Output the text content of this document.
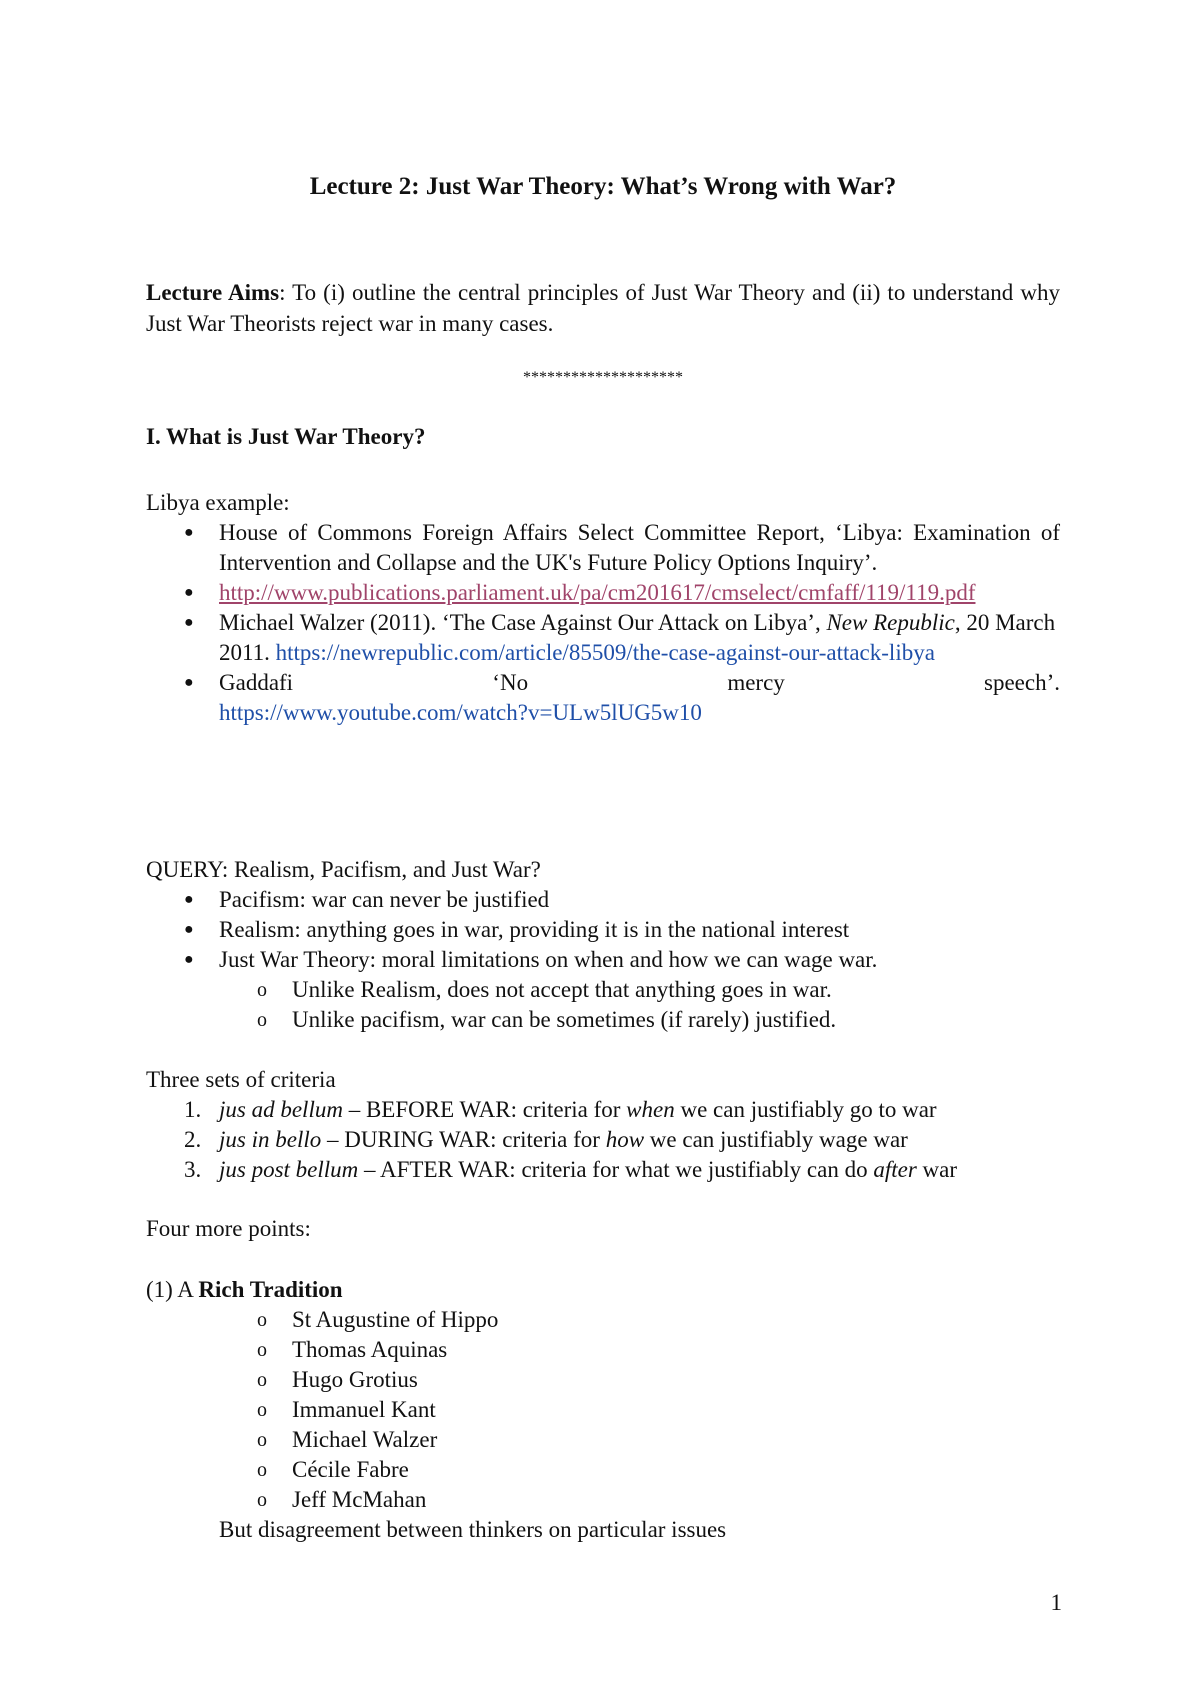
Lecture 2: Just War Theory: What’s Wrong with War?
Lecture Aims: To (i) outline the central principles of Just War Theory and (ii) to understand why Just War Theorists reject war in many cases.
********************
I. What is Just War Theory?
Libya example:
● House of Commons Foreign Affairs Select Committee Report, ‘Libya: Examination of Intervention and Collapse and the UK's Future Policy Options Inquiry’.
● http://www.publications.parliament.uk/pa/cm201617/cmselect/cmfaff/119/119.pdf
● Michael Walzer (2011). ‘The Case Against Our Attack on Libya’, New Republic, 20 March 2011. https://newrepublic.com/article/85509/the-case-against-our-attack-libya
● Gaddafi ‘No mercy speech’.
https://www.youtube.com/watch?v=ULw5lUG5w10
QUERY: Realism, Pacifism, and Just War?
● Pacifism: war can never be justified
● Realism: anything goes in war, providing it is in the national interest
● Just War Theory: moral limitations on when and how we can wage war.
o Unlike Realism, does not accept that anything goes in war.
o Unlike pacifism, war can be sometimes (if rarely) justified.
Three sets of criteria
1. jus ad bellum – BEFORE WAR: criteria for when we can justifiably go to war
2. jus in bello – DURING WAR: criteria for how we can justifiably wage war
3. jus post bellum – AFTER WAR: criteria for what we justifiably can do after war
Four more points:
(1) A Rich Tradition
o St Augustine of Hippo
o Thomas Aquinas
o Hugo Grotius
o Immanuel Kant
o Michael Walzer
o Cécile Fabre
o Jeff McMahan
But disagreement between thinkers on particular issues
1
